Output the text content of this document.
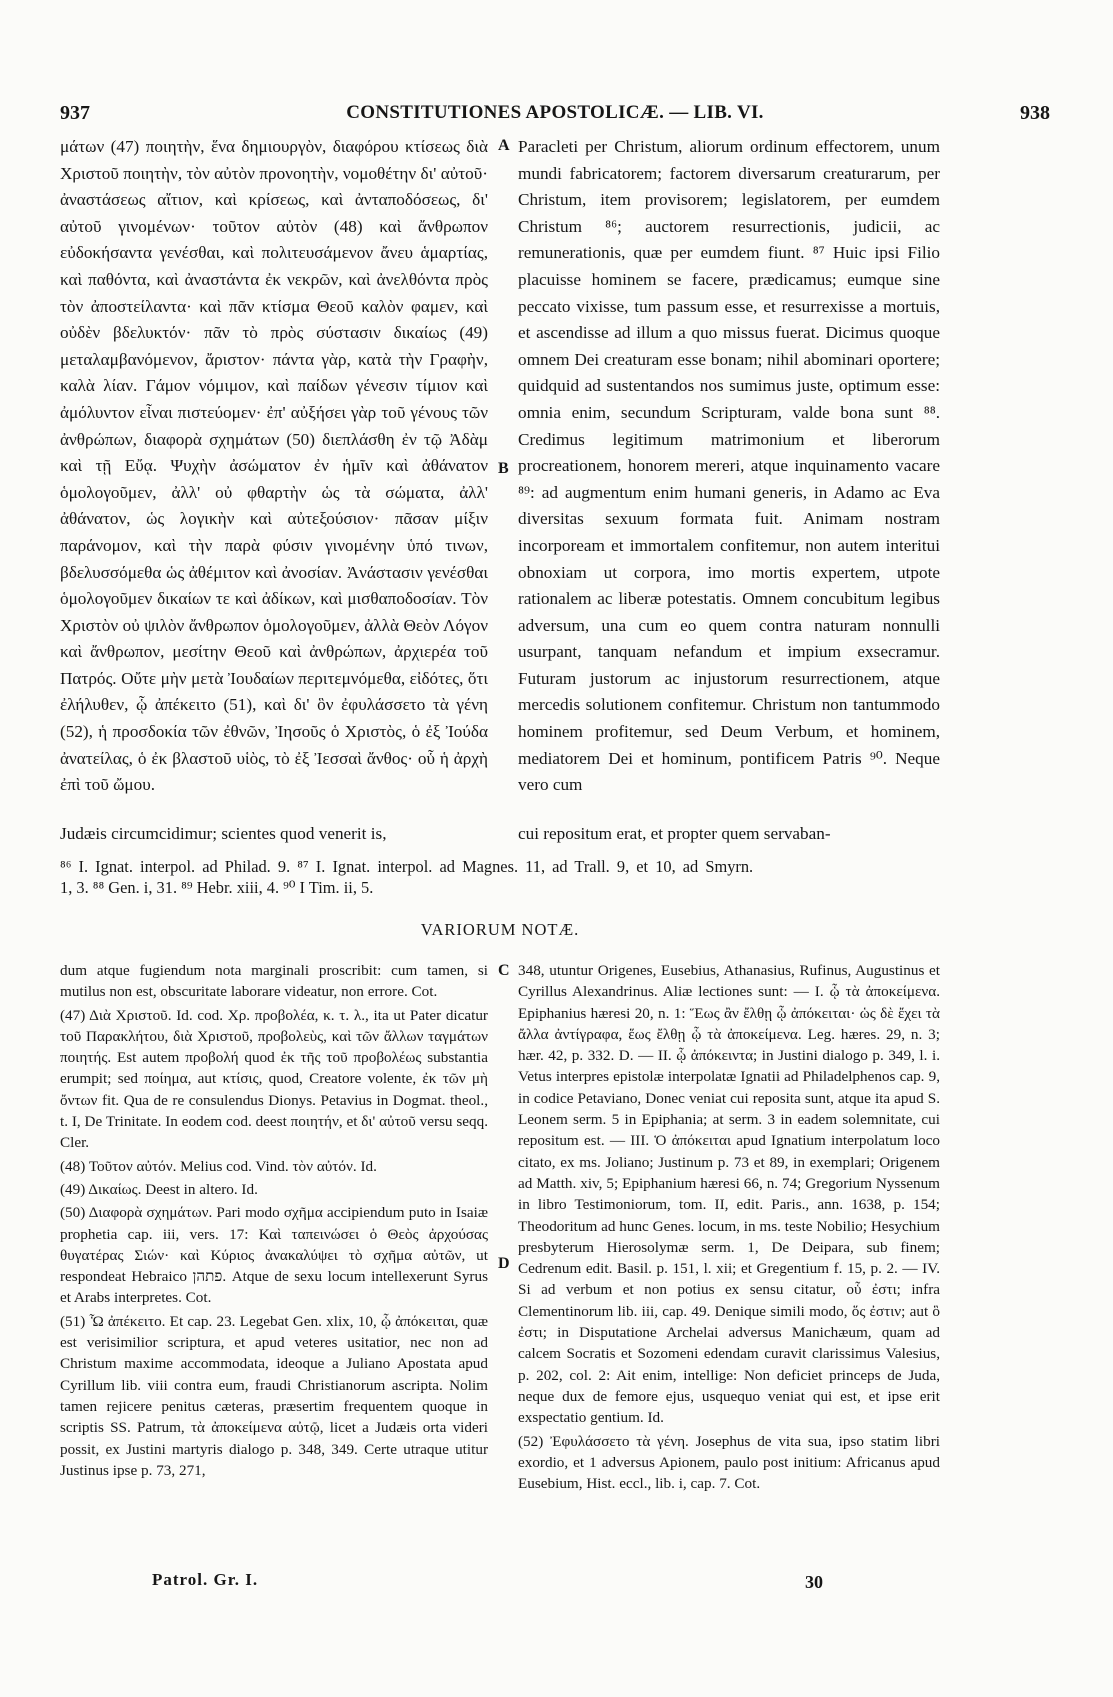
937	CONSTITUTIONES APOSTOLICÆ. — LIB. VI.	938

μάτων (47) ποιητὴν, ἕνα δημιουργὸν, διαφόρου κτίσεως διὰ Χριστοῦ ποιητὴν, τὸν αὐτὸν προνοητὴν, νομοθέτην δι' αὐτοῦ· ἀναστάσεως αἴτιον, καὶ κρίσεως, καὶ ἀνταποδόσεως, δι' αὐτοῦ γινομένων· τοῦτον αὐτὸν (48) καὶ ἄνθρωπον εὐδοκήσαντα γενέσθαι, καὶ πολιτευσάμενον ἄνευ ἁμαρτίας, καὶ παθόντα, καὶ ἀναστάντα ἐκ νεκρῶν, καὶ ἀνελθόντα πρὸς τὸν ἀποστείλαντα· καὶ πᾶν κτίσμα Θεοῦ καλὸν φαμεν, καὶ οὐδὲν βδελυκτόν· πᾶν τὸ πρὸς σύστασιν δικαίως (49) μεταλαμβανόμενον, ἄριστον· πάντα γὰρ, κατὰ τὴν Γραφὴν, καλὰ λίαν. Γάμον νόμιμον, καὶ παίδων γένεσιν τίμιον καὶ ἀμόλυντον εἶναι πιστεύομεν· ἐπ' αὐξήσει γὰρ τοῦ γένους τῶν ἀνθρώπων, διαφορὰ σχημάτων (50) διεπλάσθη ἐν τῷ Ἀδὰμ καὶ τῇ Εὔᾳ. Ψυχὴν ἀσώματον ἐν ἡμῖν καὶ ἀθάνατον ὁμολογοῦμεν, ἀλλ' οὐ φθαρτὴν ὡς τὰ σώματα, ἀλλ' ἀθάνατον, ὡς λογικὴν καὶ αὐτεξούσιον· πᾶσαν μίξιν παράνομον, καὶ τὴν παρὰ φύσιν γινομένην ὑπό τινων, βδελυσσόμεθα ὡς ἀθέμιτον καὶ ἀνοσίαν. Ἀνάστασιν γενέσθαι ὁμολογοῦμεν δικαίων τε καὶ ἀδίκων, καὶ μισθαποδοσίαν. Τὸν Χριστὸν οὐ ψιλὸν ἄνθρωπον ὁμολογοῦμεν, ἀλλὰ Θεὸν Λόγον καὶ ἄνθρωπον, μεσίτην Θεοῦ καὶ ἀνθρώπων, ἀρχιερέα τοῦ Πατρός. Οὔτε μὴν μετὰ Ἰουδαίων περιτεμνόμεθα, εἰδότες, ὅτι ἐλήλυθεν, ᾧ ἀπέκειτο (51), καὶ δι' ὃν ἐφυλάσσετο τὰ γένη (52), ἡ προσδοκία τῶν ἐθνῶν, Ἰησοῦς ὁ Χριστὸς, ὁ ἐξ Ἰούδα ἀνατείλας, ὁ ἐκ βλαστοῦ υἱὸς, τὸ ἐξ Ἰεσσαὶ ἄνθος· οὗ ἡ ἀρχὴ ἐπὶ τοῦ ὤμου.

Paracleti per Christum, aliorum ordinum effectorem, unum mundi fabricatorem; factorem diversarum creaturarum, per Christum, item provisorem; legislatorem, per eumdem Christum ⁸⁶; auctorem resurrectionis, judicii, ac remunerationis, quæ per eumdem fiunt. ⁸⁷ Huic ipsi Filio placuisse hominem se facere, prædicamus; eumque sine peccato vixisse, tum passum esse, et resurrexisse a mortuis, et ascendisse ad illum a quo missus fuerat. Dicimus quoque omnem Dei creaturam esse bonam; nihil abominari oportere; quidquid ad sustentandos nos sumimus juste, optimum esse: omnia enim, secundum Scripturam, valde bona sunt ⁸⁸. Credimus legitimum matrimonium et liberorum procreationem, honorem mereri, atque inquinamento vacare ⁸⁹: ad augmentum enim humani generis, in Adamo ac Eva diversitas sexuum formata fuit. Animam nostram incorpoream et immortalem confitemur, non autem interitui obnoxiam ut corpora, imo mortis expertem, utpote rationalem ac liberæ potestatis. Omnem concubitum legibus adversum, una cum eo quem contra naturam nonnulli usurpant, tanquam nefandum et impium exsecramur. Futuram justorum ac injustorum resurrectionem, atque mercedis solutionem confitemur. Christum non tantummodo hominem profitemur, sed Deum Verbum, et hominem, mediatorem Dei et hominum, pontificem Patris ⁹⁰. Neque vero cum

A
B
Judæis circumcidimur; scientes quod venerit is,	cui repositum erat, et propter quem servaban-

⁸⁶ I. Ignat. interpol. ad Philad. 9. ⁸⁷ I. Ignat. interpol. ad Magnes. 11, ad Trall. 9, et 10, ad Smyrn.

1, 3. ⁸⁸ Gen. i, 31. ⁸⁹ Hebr. xiii, 4. ⁹⁰ I Tim. ii, 5.

VARIORUM NOTÆ.

dum atque fugiendum nota marginali proscribit: cum tamen, si mutilus non est, obscuritate laborare videatur, non errore. Cot.

(47) Διὰ Χριστοῦ. Id. cod. Χρ. προβολέα, κ. τ. λ., ita ut Pater dicatur τοῦ Παρακλήτου, διὰ Χριστοῦ, προβολεὺς, καὶ τῶν ἄλλων ταγμάτων ποιητής. Est autem προβολή quod ἐκ τῆς τοῦ προβολέως substantia erumpit; sed ποίημα, aut κτίσις, quod, Creatore volente, ἐκ τῶν μὴ ὄντων fit. Qua de re consulendus Dionys. Petavius in Dogmat. theol., t. I, De Trinitate. In eodem cod. deest ποιητήν, et δι' αὐτοῦ versu seqq. Cler.

(48) Τοῦτον αὐτόν. Melius cod. Vind. τὸν αὐτόν. Id.

(49) Δικαίως. Deest in altero. Id.

(50) Διαφορὰ σχημάτων. Pari modo σχῆμα accipiendum puto in Isaiæ prophetia cap. iii, vers. 17: Καὶ ταπεινώσει ὁ Θεὸς ἀρχούσας θυγατέρας Σιών· καὶ Κύριος ἀνακαλύψει τὸ σχῆμα αὐτῶν, ut respondeat Hebraico פתהן. Atque de sexu locum intellexerunt Syrus et Arabs interpretes. Cot.

(51) Ὧ ἀπέκειτο. Et cap. 23. Legebat Gen. xlix, 10, ᾧ ἀπόκειται, quæ est verisimilior scriptura, et apud veteres usitatior, nec non ad Christum maxime accommodata, ideoque a Juliano Apostata apud Cyrillum lib. viii contra eum, fraudi Christianorum ascripta. Nolim tamen rejicere penitus cæteras, præsertim frequentem quoque in scriptis SS. Patrum, τὰ ἀποκείμενα αὐτῷ, licet a Judæis orta videri possit, ex Justini martyris dialogo p. 348, 349. Certe utraque utitur Justinus ipse p. 73, 271,

348, utuntur Origenes, Eusebius, Athanasius, Rufinus, Augustinus et Cyrillus Alexandrinus. Aliæ lectiones sunt: — I. ᾧ τὰ ἀποκείμενα. Epiphanius hæresi 20, n. 1: Ἕως ἂν ἔλθῃ ᾧ ἀπόκειται· ὡς δὲ ἔχει τὰ ἄλλα ἀντίγραφα, ἕως ἔλθῃ ᾧ τὰ ἀποκείμενα. Leg. hæres. 29, n. 3; hær. 42, p. 332. D. — II. ᾧ ἀπόκειντα; in Justini dialogo p. 349, l. i. Vetus interpres epistolæ interpolatæ Ignatii ad Philadelphenos cap. 9, in codice Petaviano, Donec veniat cui reposita sunt, atque ita apud S. Leonem serm. 5 in Epiphania; at serm. 3 in eadem solemnitate, cui repositum est. — III. Ὁ ἀπόκειται apud Ignatium interpolatum loco citato, ex ms. Joliano; Justinum p. 73 et 89, in exemplari; Origenem ad Matth. xiv, 5; Epiphanium hæresi 66, n. 74; Gregorium Nyssenum in libro Testimoniorum, tom. II, edit. Paris., ann. 1638, p. 154; Theodoritum ad hunc Genes. locum, in ms. teste Nobilio; Hesychium presbyterum Hierosolymæ serm. 1, De Deipara, sub finem; Cedrenum edit. Basil. p. 151, l. xii; et Gregentium f. 15, p. 2. — IV. Si ad verbum et non potius ex sensu citatur, οὗ ἐστι; infra Clementinorum lib. iii, cap. 49. Denique simili modo, ὅς ἐστιν; aut ὃ ἐστι; in Disputatione Archelai adversus Manichæum, quam ad calcem Socratis et Sozomeni edendam curavit clarissimus Valesius, p. 202, col. 2: Ait enim, intellige: Non deficiet princeps de Juda, neque dux de femore ejus, usquequo veniat qui est, et ipse erit exspectatio gentium. Id.

(52) Ἐφυλάσσετο τὰ γένη. Josephus de vita sua, ipso statim libri exordio, et 1 adversus Apionem, paulo post initium: Africanus apud Eusebium, Hist. eccl., lib. i, cap. 7. Cot.

C
D
Patrol. Gr. I.	30
